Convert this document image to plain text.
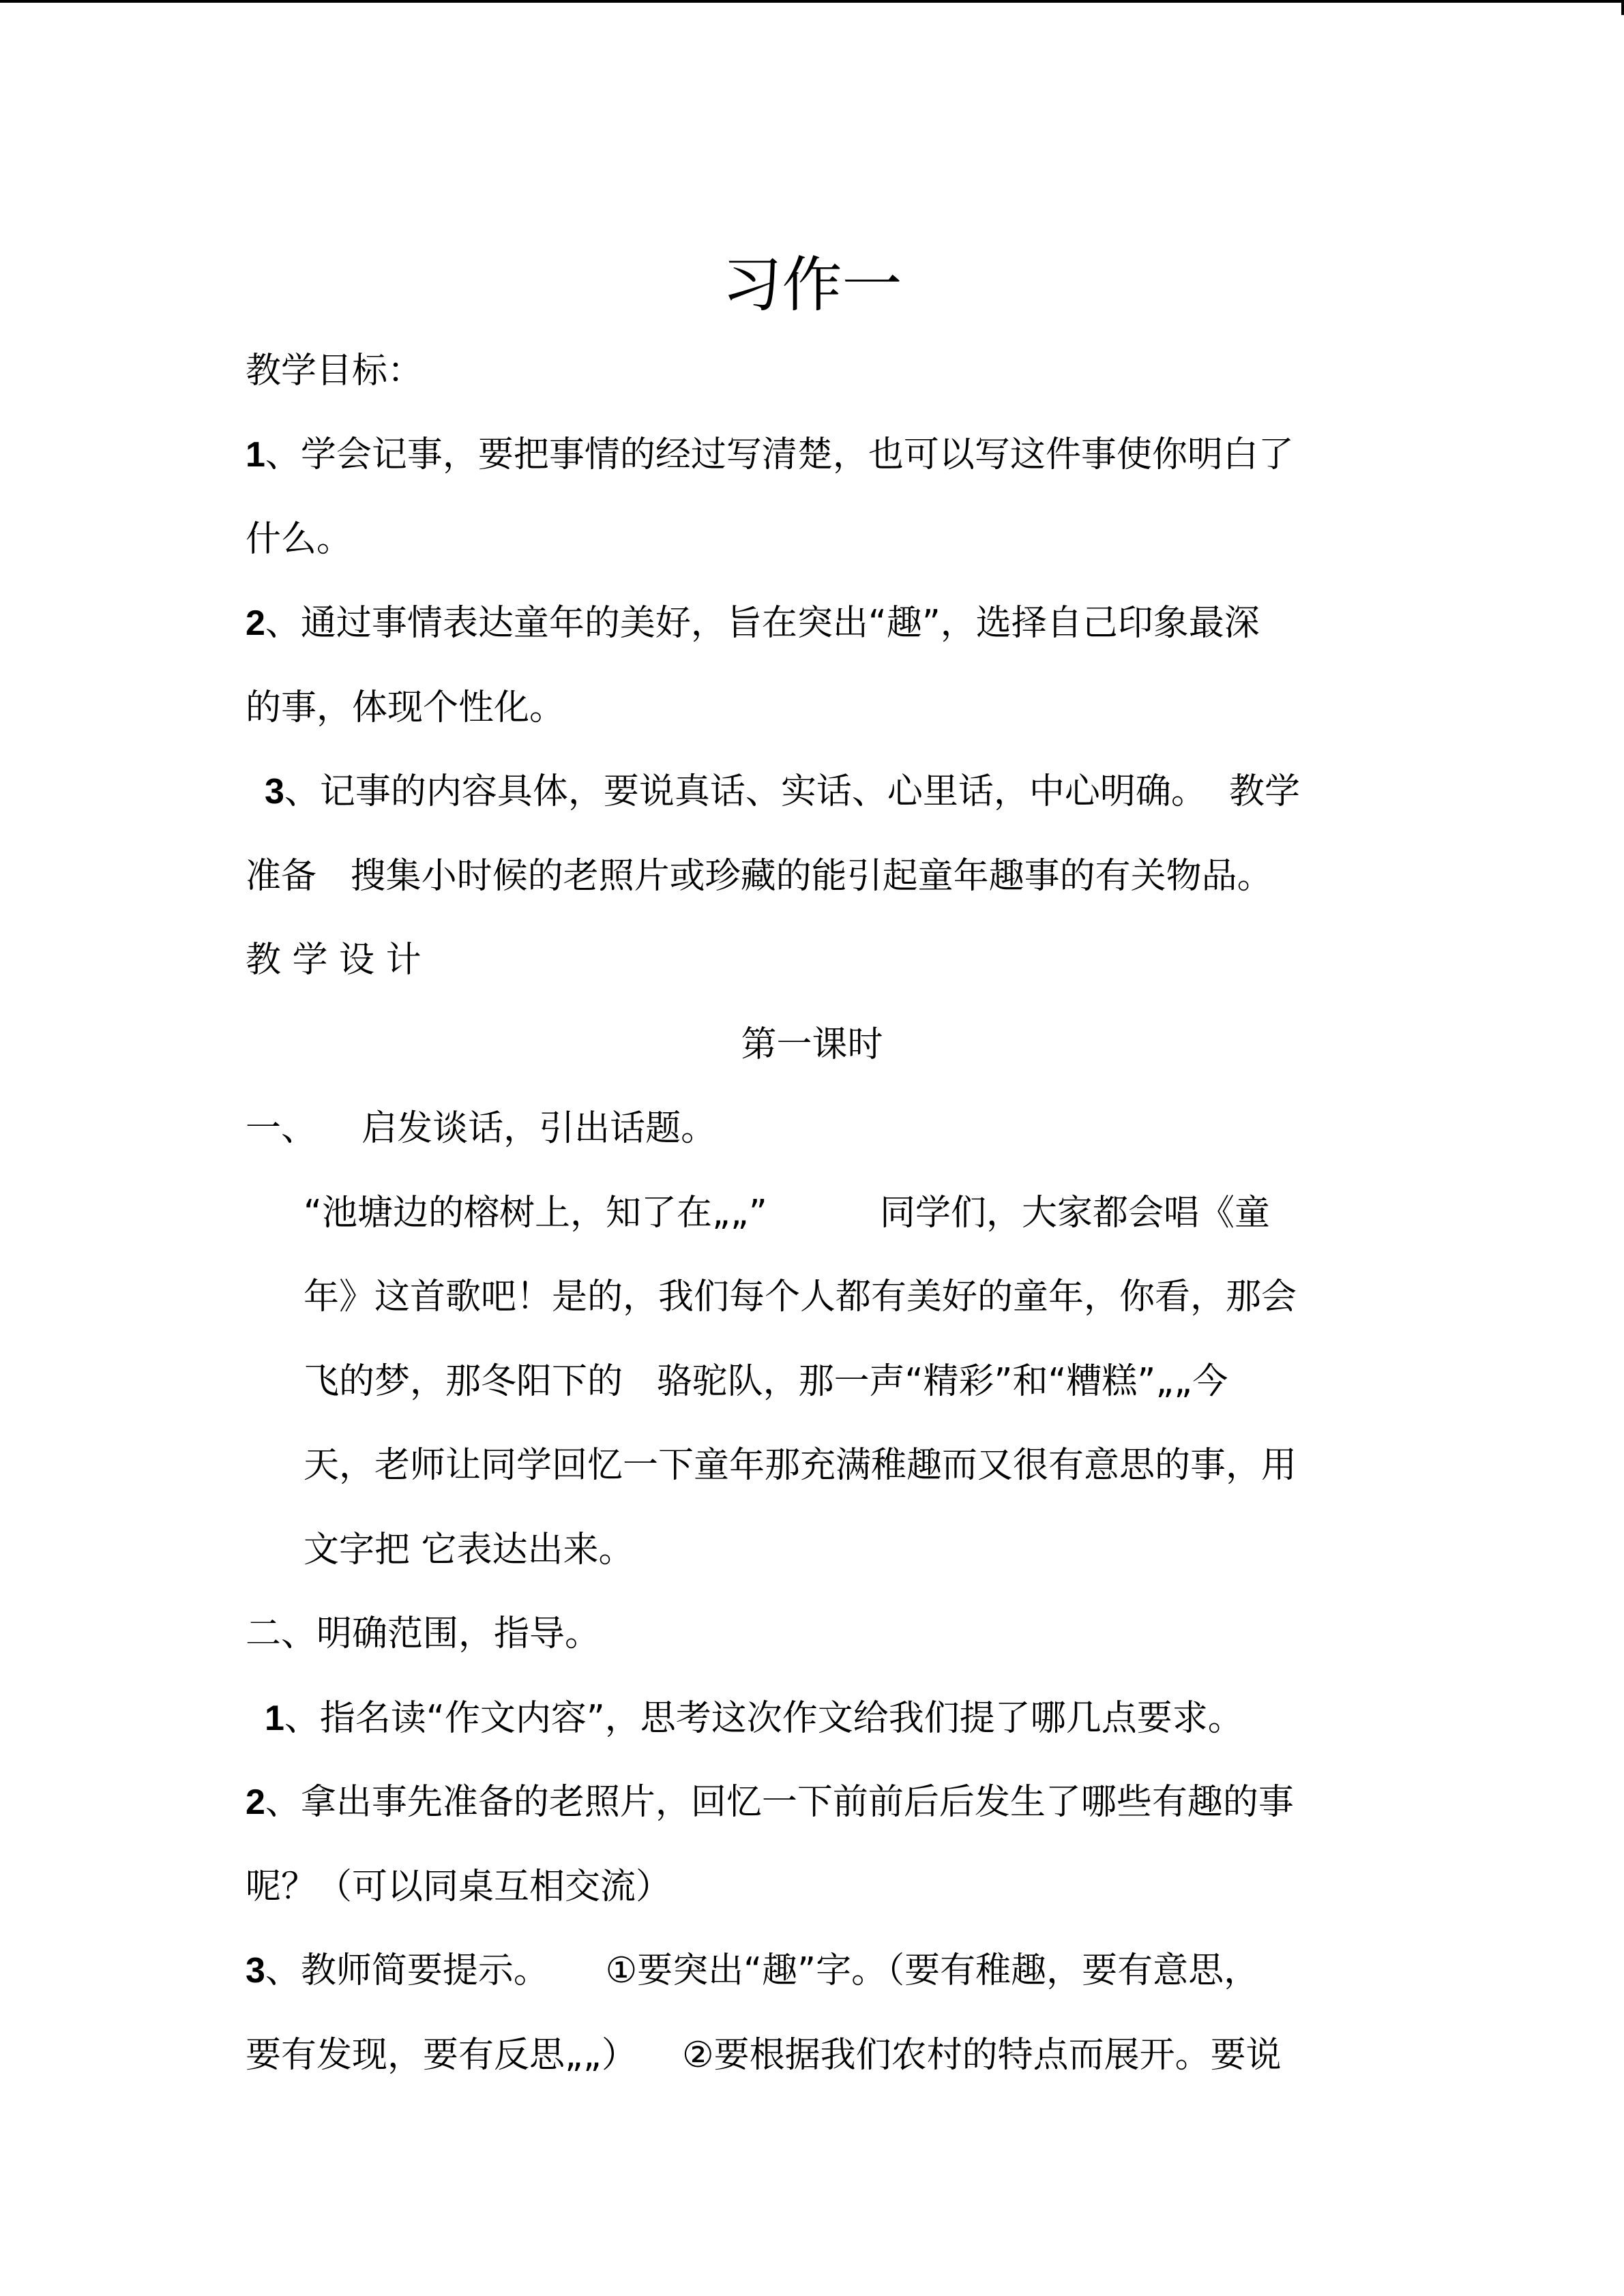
习作一
教学目标：
1、学会记事，要把事情的经过写清楚，也可以写这件事使你明白了
什么。
2、通过事情表达童年的美好，旨在突出“趣”，选择自己印象最深
的事，体现个性化。
3、记事的内容具体，要说真话、实话、心里话，中心明确。  教学
准备   搜集小时候的老照片或珍藏的能引起童年趣事的有关物品。
教 学 设 计
第一课时
一、    启发谈话，引出话题。
“池塘边的榕树上，知了在„„”          同学们，大家都会唱《童
年》这首歌吧！是的，我们每个人都有美好的童年，你看，那会
飞的梦，那冬阳下的   骆驼队，那一声“精彩”和“糟糕”„„今
天，老师让同学回忆一下童年那充满稚趣而又很有意思的事，用
文字把 它表达出来。
二、明确范围，指导。
1、指名读“作文内容”，思考这次作文给我们提了哪几点要求。
2、拿出事先准备的老照片，回忆一下前前后后发生了哪些有趣的事
呢？（可以同桌互相交流）
3、教师简要提示。     ①要突出“趣”字。（要有稚趣，要有意思，
要有发现，要有反思„„）    ②要根据我们农村的特点而展开。要说
